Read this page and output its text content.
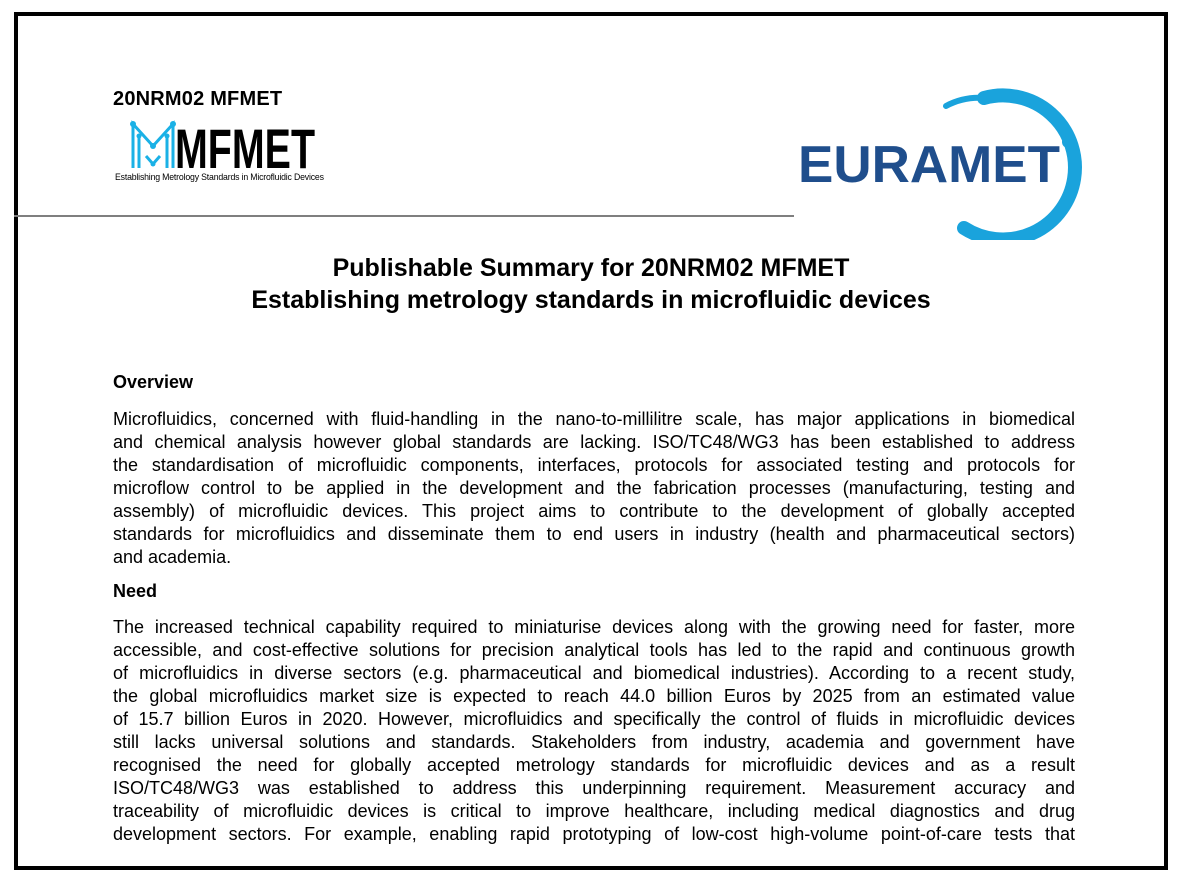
20NRM02 MFMET
MFMET
Establishing Metrology Standards in Microfluidic Devices	EURAMET
Publishable Summary for 20NRM02 MFMET
Establishing metrology standards in microfluidic devices
Overview
Microfluidics, concerned with fluid-handling in the nano-to-millilitre scale, has major applications in biomedical
and chemical analysis however global standards are lacking. ISO/TC48/WG3 has been established to address
the standardisation of microfluidic components, interfaces, protocols for associated testing and protocols for
microflow control to be applied in the development and the fabrication processes (manufacturing, testing and
assembly) of microfluidic devices. This project aims to contribute to the development of globally accepted
standards for microfluidics and disseminate them to end users in industry (health and pharmaceutical sectors)
and academia.
Need
The increased technical capability required to miniaturise devices along with the growing need for faster, more
accessible, and cost-effective solutions for precision analytical tools has led to the rapid and continuous growth
of microfluidics in diverse sectors (e.g. pharmaceutical and biomedical industries). According to a recent study,
the global microfluidics market size is expected to reach 44.0 billion Euros by 2025 from an estimated value
of 15.7 billion Euros in 2020. However, microfluidics and specifically the control of fluids in microfluidic devices
still lacks universal solutions and standards. Stakeholders from industry, academia and government have
recognised the need for globally accepted metrology standards for microfluidic devices and as a result
ISO/TC48/WG3 was established to address this underpinning requirement. Measurement accuracy and
traceability of microfluidic devices is critical to improve healthcare, including medical diagnostics and drug
development sectors. For example, enabling rapid prototyping of low-cost high-volume point-of-care tests that
